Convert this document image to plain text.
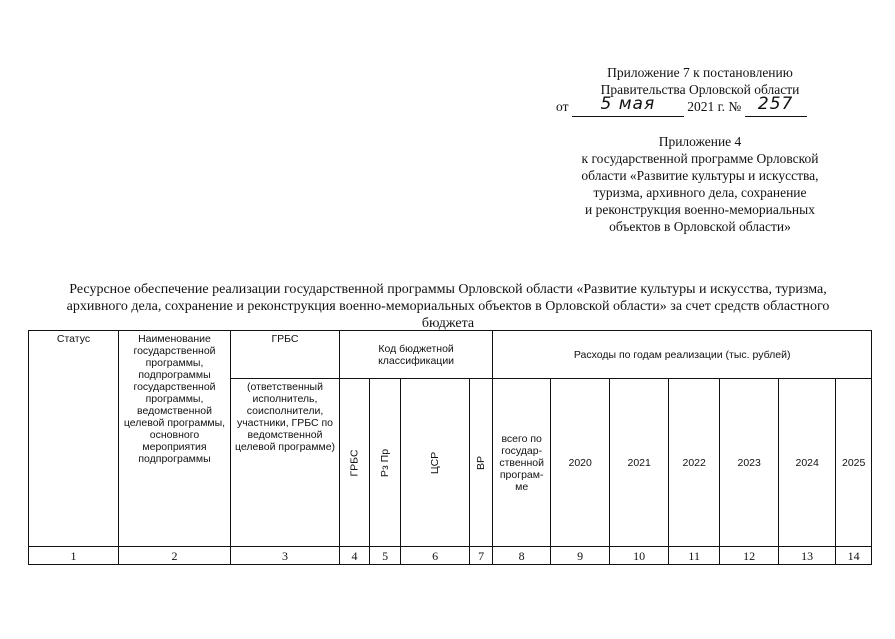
Приложение 7 к постановлению
Правительства Орловской области
от 5 мая 2021 г. № 257
Приложение 4
к государственной программе Орловской
области «Развитие культуры и искусства,
туризма, архивного дела, сохранение
и реконструкция военно-мемориальных
объектов в Орловской области»
Ресурсное обеспечение реализации государственной программы Орловской области «Развитие культуры и искусства, туризма,
архивного дела, сохранение и реконструкция военно-мемориальных объектов в Орловской области» за счет средств областного
бюджета
Статус	Наименование государственной программы, подпрограммы государственной программы, ведомственной целевой программы, основного мероприятия подпрограммы	ГРБС	Код бюджетной классификации				Расходы по годам реализации (тыс. рублей)						
		(ответственный исполнитель, соисполнители, участники, ГРБС по ведомственной целевой программе)	ГРБС	Рз Пр	ЦСР	ВР	всего по государ-ственной програм-ме	2020	2021	2022	2023	2024	2025
1	2	3	4	5	6	7	8	9	10	11	12	13	14
